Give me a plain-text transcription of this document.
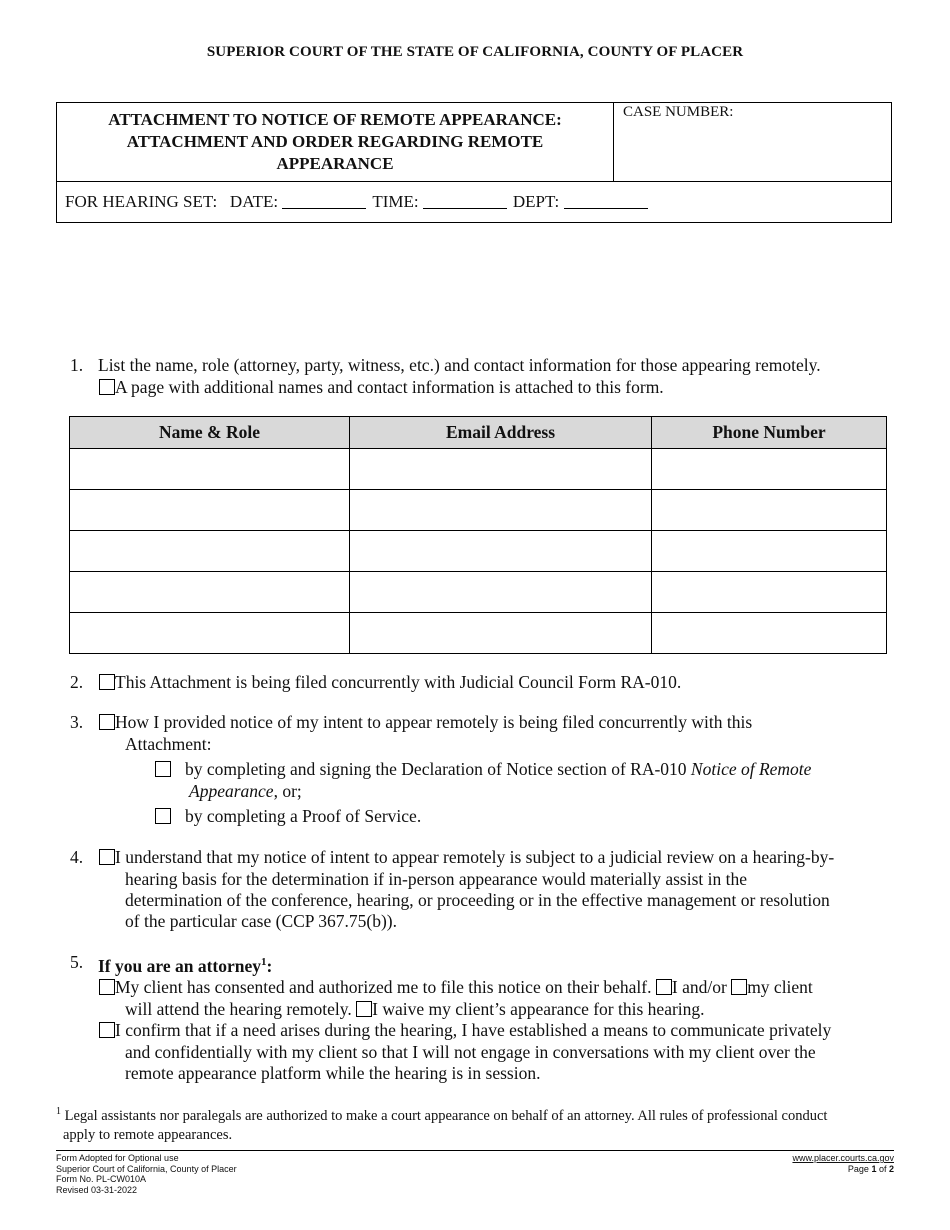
SUPERIOR COURT OF THE STATE OF CALIFORNIA, COUNTY OF PLACER
ATTACHMENT TO NOTICE OF REMOTE APPEARANCE:
ATTACHMENT AND ORDER REGARDING REMOTE
APPEARANCE
CASE NUMBER:
FOR HEARING SET: DATE:	TIME:	DEPT:
1. List the name, role (attorney, party, witness, etc.) and contact information for those appearing remotely.
A page with additional names and contact information is attached to this form.
Name & Role	Email Address	Phone Number

2.	This Attachment is being filed concurrently with Judicial Council Form RA-010.
3.	How I provided notice of my intent to appear remotely is being filed concurrently with this
Attachment:
by completing and signing the Declaration of Notice section of RA-010 Notice of Remote
Appearance, or;
by completing a Proof of Service.
4.	I understand that my notice of intent to appear remotely is subject to a judicial review on a hearing-by-
hearing basis for the determination if in-person appearance would materially assist in the
determination of the conference, hearing, or proceeding or in the effective management or resolution
of the particular case (CCP 367.75(b)).
5. If you are an attorney$^1$:
My client has consented and authorized me to file this notice on their behalf. I and/or my client
will attend the hearing remotely. I waive my client’s appearance for this hearing.
I confirm that if a need arises during the hearing, I have established a means to communicate privately
and confidentially with my client so that I will not engage in conversations with my client over the
remote appearance platform while the hearing is in session.
$^1$ Legal assistants nor paralegals are authorized to make a court appearance on behalf of an attorney. All rules of professional conduct
apply to remote appearances.
Form Adopted for Optional use
Superior Court of California, County of Placer
Form No. PL-CW010A
Revised 03-31-2022
www.placer.courts.ca.gov
Page 1 of 2
